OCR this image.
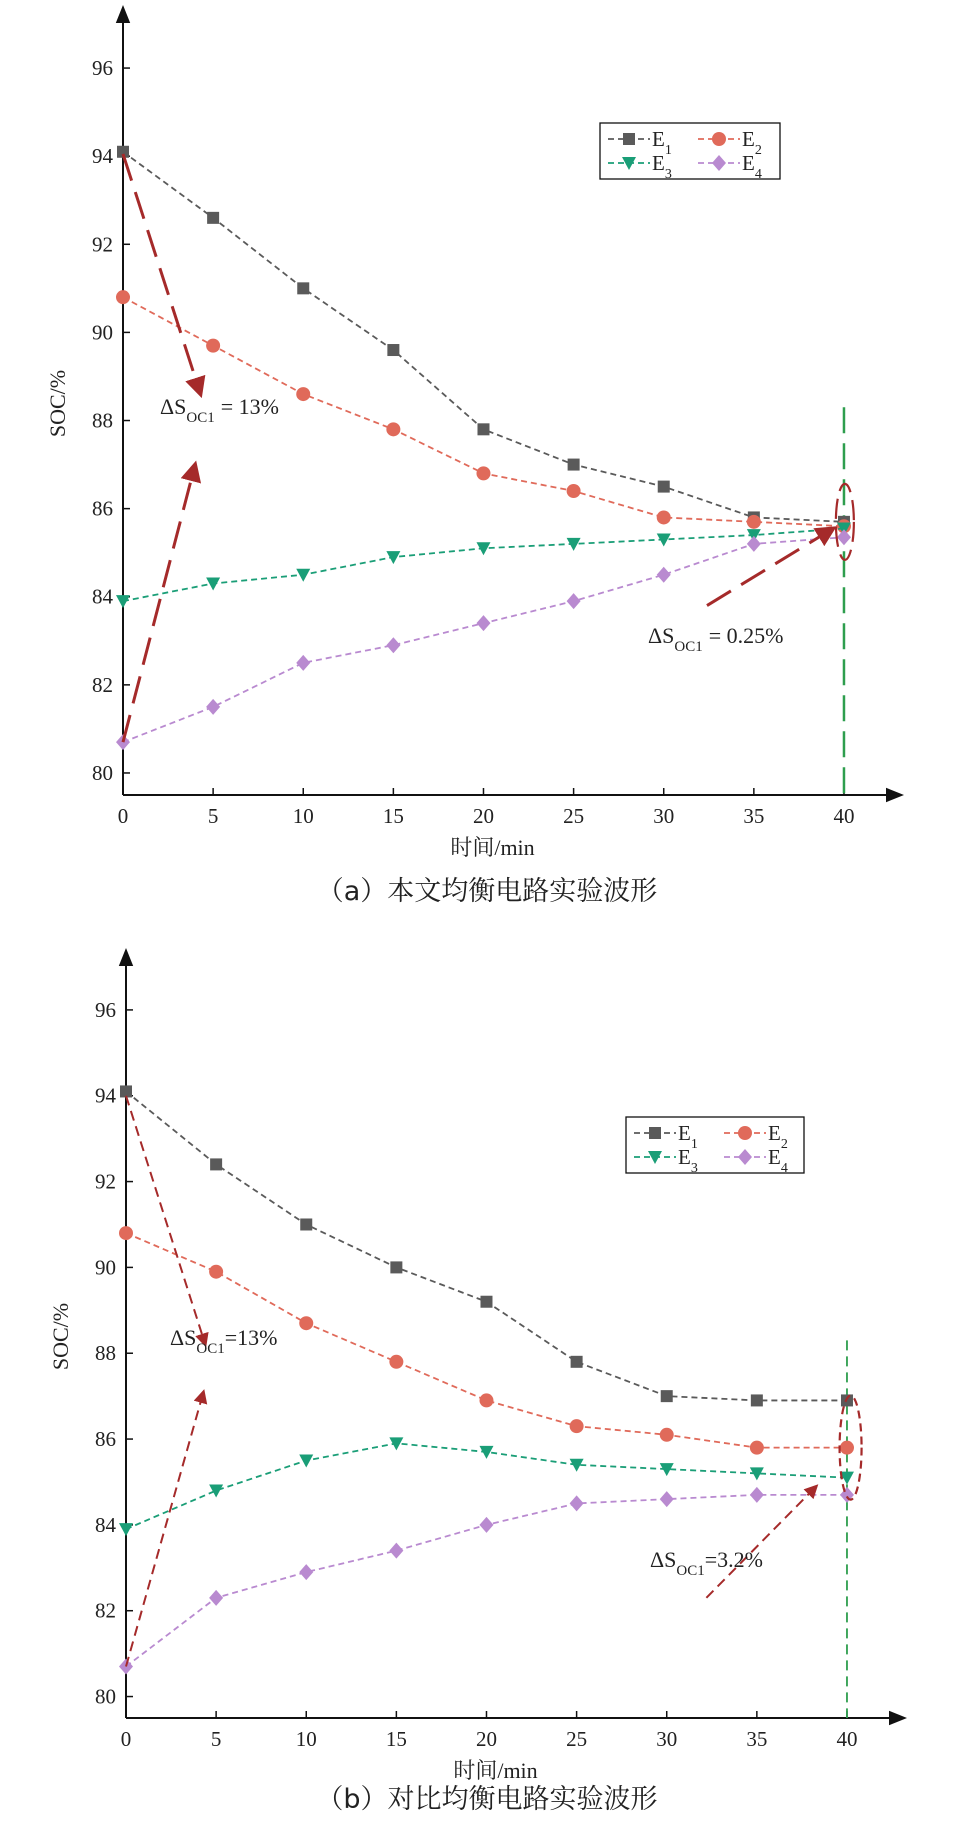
0	5	10	15	20	25	30	35	40
80
82
84
86
88
90
92
94
96
时间/min
SOC/%
$E_1$	$E_2$
$E_3$	$E_4$
$\Delta S_{OC1} = 13\%$
$\Delta S_{OC1} = 0.25\%$
（a）本文均衡电路实验波形
0	5	10	15	20	25	30	35	40
80
82
84
86
88
90
92
94
96
时间/min
SOC/%
$E_1$	$E_2$
$E_3$	$E_4$
$\Delta S_{OC1}=13\%$
$\Delta S_{OC1}=3.2\%$
（b）对比均衡电路实验波形
